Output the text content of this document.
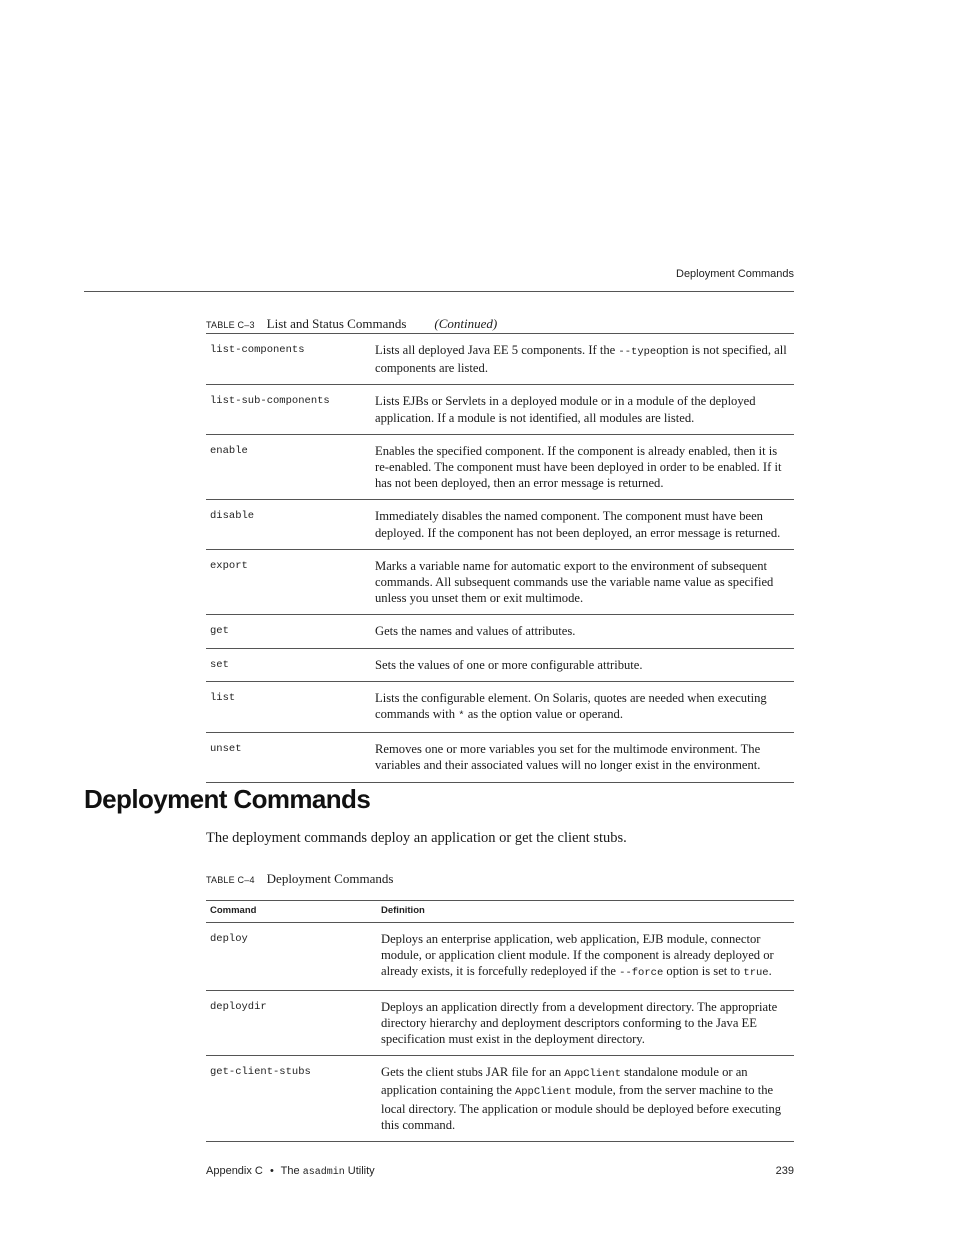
Deployment Commands
TABLE C–3 List and Status Commands (Continued)
list-components	Lists all deployed Java EE 5 components. If the --typeoption is not specified, all components are listed.
list-sub-components	Lists EJBs or Servlets in a deployed module or in a module of the deployed application. If a module is not identified, all modules are listed.
enable	Enables the specified component. If the component is already enabled, then it is re-enabled. The component must have been deployed in order to be enabled. If it has not been deployed, then an error message is returned.
disable	Immediately disables the named component. The component must have been deployed. If the component has not been deployed, an error message is returned.
export	Marks a variable name for automatic export to the environment of subsequent commands. All subsequent commands use the variable name value as specified unless you unset them or exit multimode.
get	Gets the names and values of attributes.
set	Sets the values of one or more configurable attribute.
list	Lists the configurable element. On Solaris, quotes are needed when executing commands with * as the option value or operand.
unset	Removes one or more variables you set for the multimode environment. The variables and their associated values will no longer exist in the environment.
Deployment Commands

The deployment commands deploy an application or get the client stubs.

TABLE C–4 Deployment Commands
Command	Definition
deploy	Deploys an enterprise application, web application, EJB module, connector module, or application client module. If the component is already deployed or already exists, it is forcefully redeployed if the --force option is set to true.
deploydir	Deploys an application directly from a development directory. The appropriate directory hierarchy and deployment descriptors conforming to the Java EE specification must exist in the deployment directory.
get-client-stubs	Gets the client stubs JAR file for an AppClient standalone module or an application containing the AppClient module, from the server machine to the local directory. The application or module should be deployed before executing this command.
Appendix C • The asadmin Utility	239
